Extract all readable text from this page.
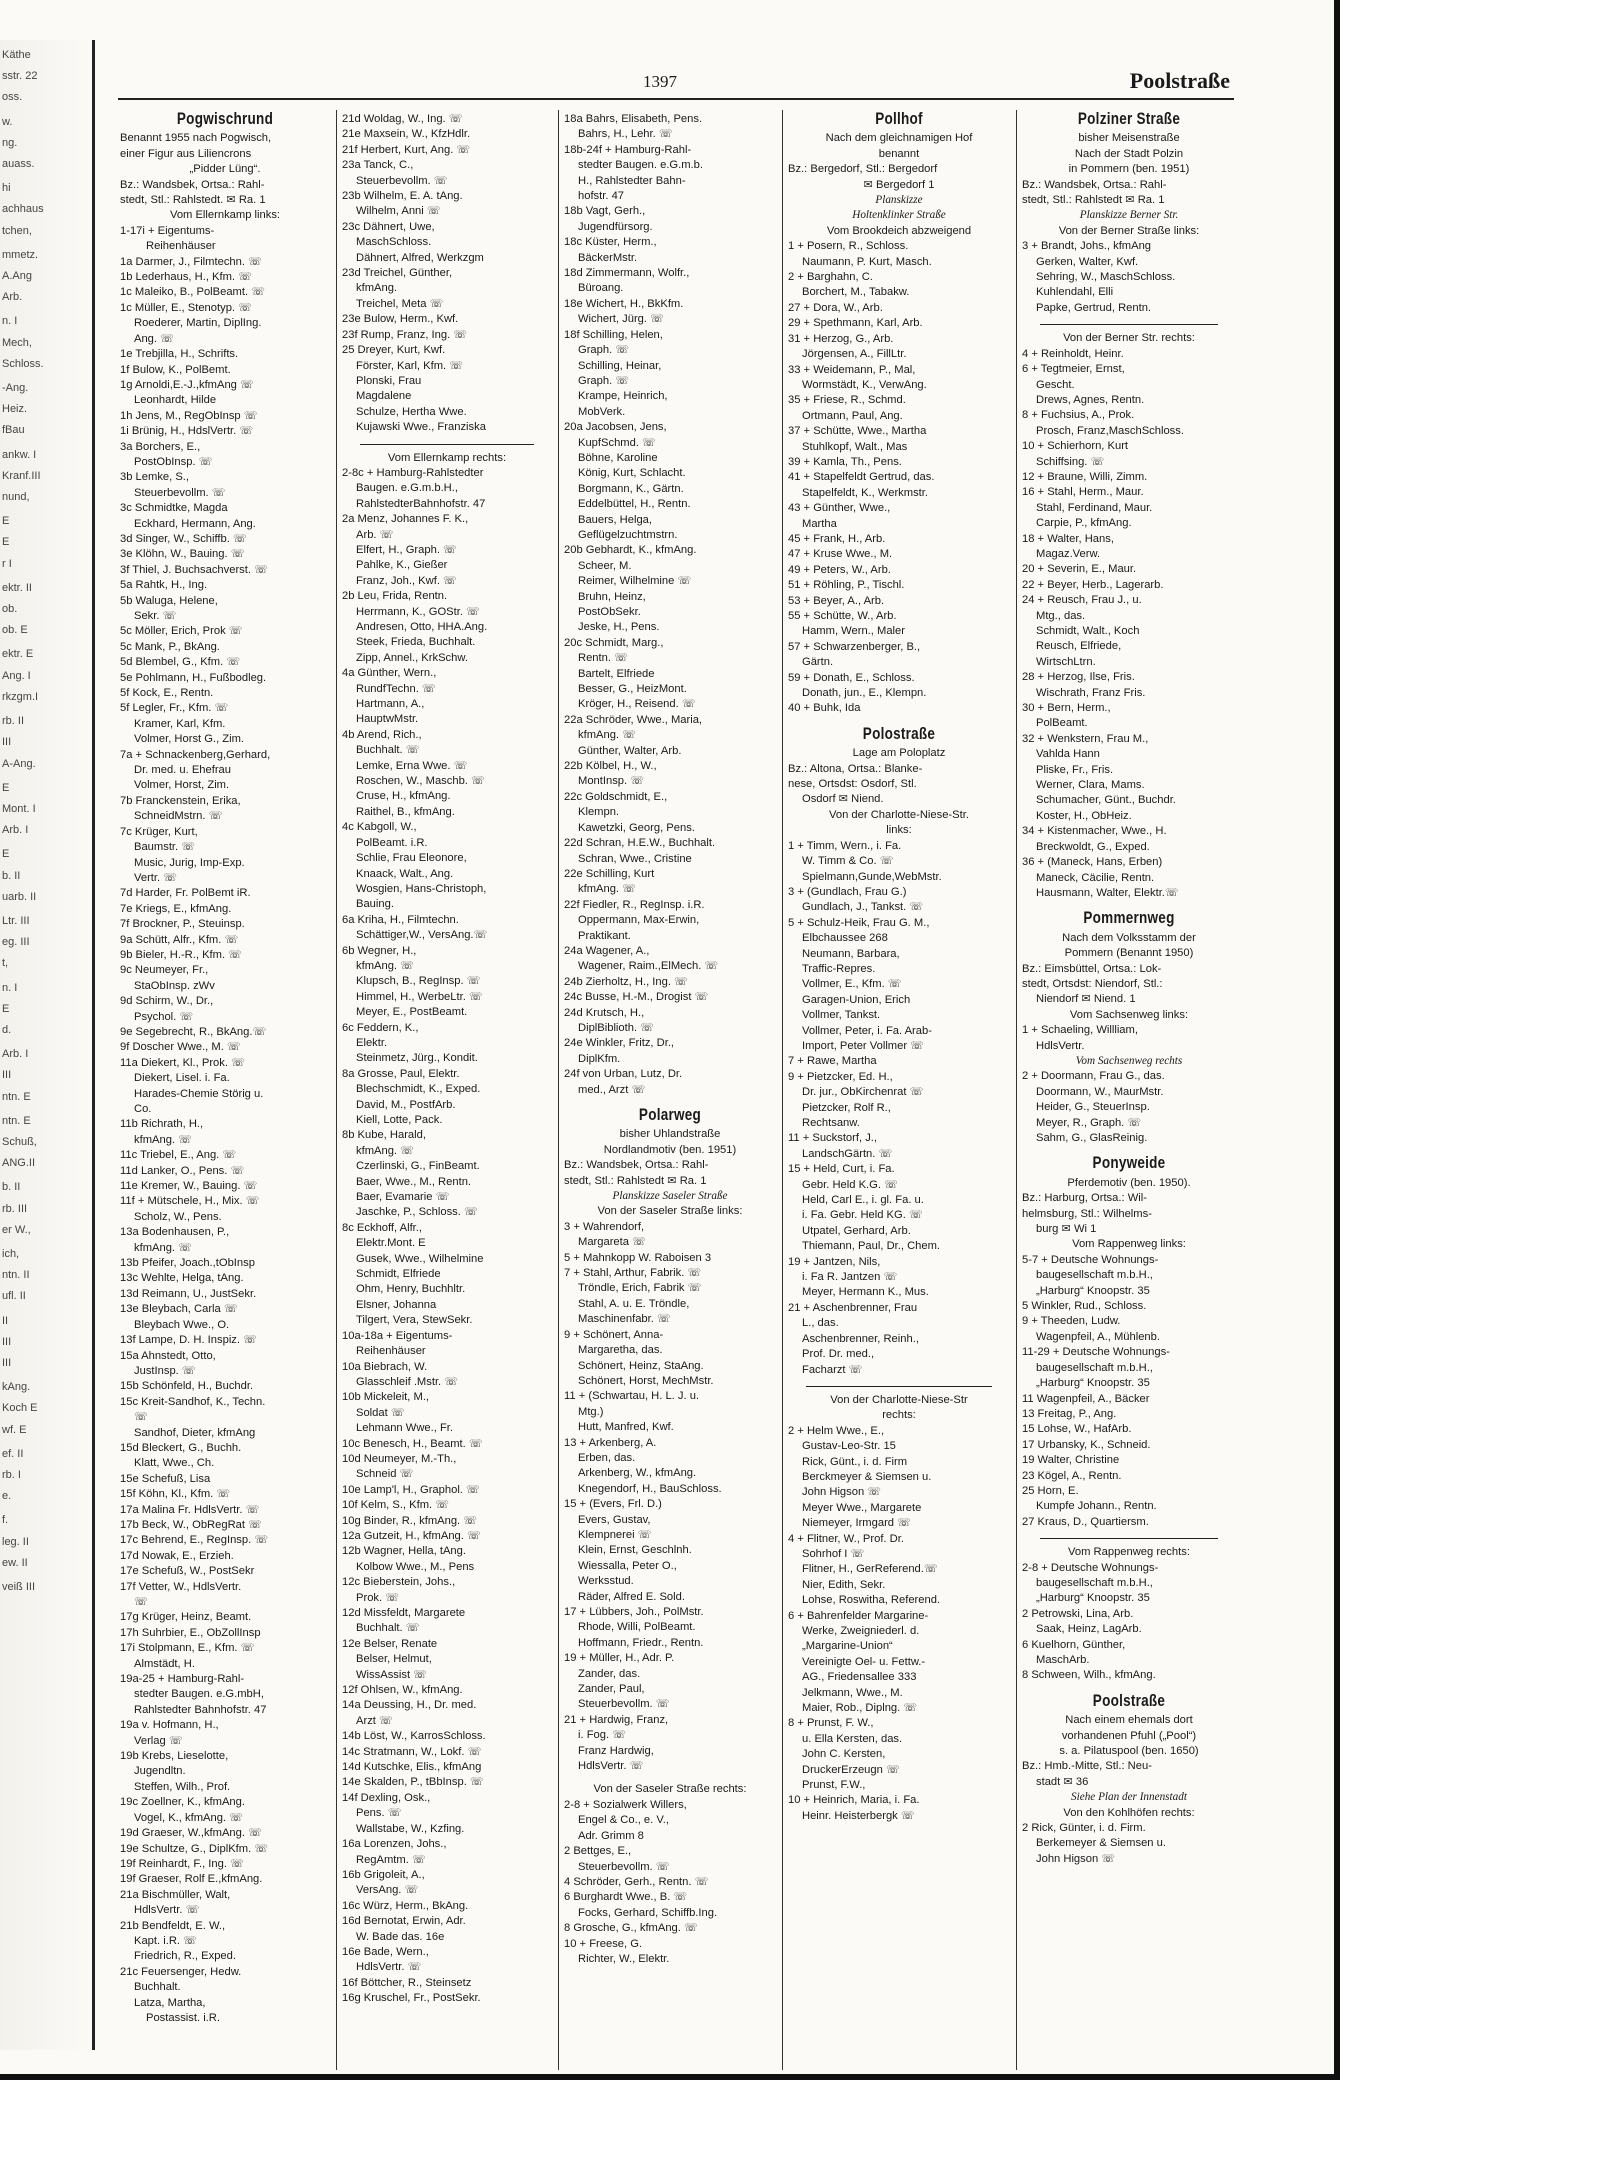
Käthe
sstr. 22
oss.
w.
ng.
auass.
hi
achhaus
tchen,
mmetz.
A.Ang
Arb.
n. I
Mech,
Schloss.
-Ang.
Heiz.
fBau
ankw. I
Kranf.III
nund,
E
E
r I
ektr. II
ob.
ob. E
ektr. E
Ang. I
rkzgm.I
rb. II
III
A-Ang.
E
Mont. I
Arb. I
E
b. II
uarb. II
Ltr. III
eg. III
t,
n. I
E
d.
Arb. I
III
ntn. E
ntn. E
Schuß,
ANG.II
b. II
rb. III
er W.,
ich,
ntn. II
ufl. II
II
III
III
kAng.
Koch E
wf. E
ef. II
rb. I
e.
f.
leg. II
ew. II
veiß III
1397	Poolstraße
Pogwischrund
Benannt 1955 nach Pogwisch,
einer Figur aus Liliencrons
„Pidder Lüng“.
Bz.: Wandsbek, Ortsa.: Rahl-
stedt, Stl.: Rahlstedt. ✉ Ra. 1
Vom Ellernkamp links:
1-17i + Eigentums-
Reihenhäuser
1a Darmer, J., Filmtechn. ☏
1b Lederhaus, H., Kfm. ☏
1c Maleiko, B., PolBeamt. ☏
1c Müller, E., Stenotyp. ☏
Roederer, Martin, DiplIng.
Ang. ☏
1e Trebjilla, H., Schrifts.
1f Bulow, K., PolBemt.
1g Arnoldi,E.-J.,kfmAng ☏
Leonhardt, Hilde
1h Jens, M., RegObInsp ☏
1i Brünig, H., HdslVertr. ☏
3a Borchers, E.,
PostObInsp. ☏
3b Lemke, S.,
Steuerbevollm. ☏
3c Schmidtke, Magda
Eckhard, Hermann, Ang.
3d Singer, W., Schiffb. ☏
3e Klöhn, W., Bauing. ☏
3f Thiel, J. Buchsachverst. ☏
5a Rahtk, H., Ing.
5b Waluga, Helene,
Sekr. ☏
5c Möller, Erich, Prok ☏
5c Mank, P., BkAng.
5d Blembel, G., Kfm. ☏
5e Pohlmann, H., Fußbodleg.
5f Kock, E., Rentn.
5f Legler, Fr., Kfm. ☏
Kramer, Karl, Kfm.
Volmer, Horst G., Zim.
7a + Schnackenberg,Gerhard,
Dr. med. u. Ehefrau
Volmer, Horst, Zim.
7b Franckenstein, Erika,
SchneidMstrn. ☏
7c Krüger, Kurt,
Baumstr. ☏
Music, Jurig, Imp-Exp.
Vertr. ☏
7d Harder, Fr. PolBemt iR.
7e Kriegs, E., kfmAng.
7f Brockner, P., Steuinsp.
9a Schütt, Alfr., Kfm. ☏
9b Bieler, H.-R., Kfm. ☏
9c Neumeyer, Fr.,
StaObInsp. zWv
9d Schirm, W., Dr.,
Psychol. ☏
9e Segebrecht, R., BkAng.☏
9f Doscher Wwe., M. ☏
11a Diekert, Kl., Prok. ☏
Diekert, Lisel. i. Fa.
Harades-Chemie Störig u.
Co.
11b Richrath, H.,
kfmAng. ☏
11c Triebel, E., Ang. ☏
11d Lanker, O., Pens. ☏
11e Kremer, W., Bauing. ☏
11f + Mütschele, H., Mix. ☏
Scholz, W., Pens.
13a Bodenhausen, P.,
kfmAng. ☏
13b Pfeifer, Joach.,tObInsp
13c Wehlte, Helga, tAng.
13d Reimann, U., JustSekr.
13e Bleybach, Carla ☏
Bleybach Wwe., O.
13f Lampe, D. H. Inspiz. ☏
15a Ahnstedt, Otto,
JustInsp. ☏
15b Schönfeld, H., Buchdr.
15c Kreit-Sandhof, K., Techn.
☏
Sandhof, Dieter, kfmAng
15d Bleckert, G., Buchh.
Klatt, Wwe., Ch.
15e Schefuß, Lisa
15f Köhn, Kl., Kfm. ☏
17a Malina Fr. HdlsVertr. ☏
17b Beck, W., ObRegRat ☏
17c Behrend, E., RegInsp. ☏
17d Nowak, E., Erzieh.
17e Schefuß, W., PostSekr
17f Vetter, W., HdlsVertr.
☏
17g Krüger, Heinz, Beamt.
17h Suhrbier, E., ObZollInsp
17i Stolpmann, E., Kfm. ☏
Almstädt, H.
19a-25 + Hamburg-Rahl-
stedter Baugen. e.G.mbH,
Rahlstedter Bahnhofstr. 47
19a v. Hofmann, H.,
Verlag ☏
19b Krebs, Lieselotte,
Jugendltn.
Steffen, Wilh., Prof.
19c Zoellner, K., kfmAng.
Vogel, K., kfmAng. ☏
19d Graeser, W.,kfmAng. ☏
19e Schultze, G., DiplKfm. ☏
19f Reinhardt, F., Ing. ☏
19f Graeser, Rolf E.,kfmAng.
21a Bischmüller, Walt,
HdlsVertr. ☏
21b Bendfeldt, E. W.,
Kapt. i.R. ☏
Friedrich, R., Exped.
21c Feuersenger, Hedw.
Buchhalt.
Latza, Martha,
Postassist. i.R.
21d Woldag, W., Ing. ☏
21e Maxsein, W., KfzHdlr.
21f Herbert, Kurt, Ang. ☏
23a Tanck, C.,
Steuerbevollm. ☏
23b Wilhelm, E. A. tAng.
Wilhelm, Anni ☏
23c Dähnert, Uwe,
MaschSchloss.
Dähnert, Alfred, Werkzgm
23d Treichel, Günther,
kfmAng.
Treichel, Meta ☏
23e Bulow, Herm., Kwf.
23f Rump, Franz, Ing. ☏
25 Dreyer, Kurt, Kwf.
Förster, Karl, Kfm. ☏
Plonski, Frau
Magdalene
Schulze, Hertha Wwe.
Kujawski Wwe., Franziska
Vom Ellernkamp rechts:
2-8c + Hamburg-Rahlstedter
Baugen. e.G.m.b.H.,
RahlstedterBahnhofstr. 47
2a Menz, Johannes F. K.,
Arb. ☏
Elfert, H., Graph. ☏
Pahlke, K., Gießer
Franz, Joh., Kwf. ☏
2b Leu, Frida, Rentn.
Herrmann, K., GOStr. ☏
Andresen, Otto, HHA.Ang.
Steek, Frieda, Buchhalt.
Zipp, Annel., KrkSchw.
4a Günther, Wern.,
RundfTechn. ☏
Hartmann, A.,
HauptwMstr.
4b Arend, Rich.,
Buchhalt. ☏
Lemke, Erna Wwe. ☏
Roschen, W., Maschb. ☏
Cruse, H., kfmAng.
Raithel, B., kfmAng.
4c Kabgoll, W.,
PolBeamt. i.R.
Schlie, Frau Eleonore,
Knaack, Walt., Ang.
Wosgien, Hans-Christoph,
Bauing.
6a Kriha, H., Filmtechn.
Schättiger,W., VersAng.☏
6b Wegner, H.,
kfmAng. ☏
Klupsch, B., RegInsp. ☏
Himmel, H., WerbeLtr. ☏
Meyer, E., PostBeamt.
6c Feddern, K.,
Elektr.
Steinmetz, Jürg., Kondit.
8a Grosse, Paul, Elektr.
Blechschmidt, K., Exped.
David, M., PostfArb.
Kiell, Lotte, Pack.
8b Kube, Harald,
kfmAng. ☏
Czerlinski, G., FinBeamt.
Baer, Wwe., M., Rentn.
Baer, Evamarie ☏
Jaschke, P., Schloss. ☏
8c Eckhoff, Alfr.,
Elektr.Mont. E
Gusek, Wwe., Wilhelmine
Schmidt, Elfriede
Ohm, Henry, Buchhltr.
Elsner, Johanna
Tilgert, Vera, StewSekr.
10a-18a + Eigentums-
Reihenhäuser
10a Biebrach, W.
Glasschleif .Mstr. ☏
10b Mickeleit, M.,
Soldat ☏
Lehmann Wwe., Fr.
10c Benesch, H., Beamt. ☏
10d Neumeyer, M.-Th.,
Schneid ☏
10e Lamp'l, H., Graphol. ☏
10f Kelm, S., Kfm. ☏
10g Binder, R., kfmAng. ☏
12a Gutzeit, H., kfmAng. ☏
12b Wagner, Hella, tAng.
Kolbow Wwe., M., Pens
12c Bieberstein, Johs.,
Prok. ☏
12d Missfeldt, Margarete
Buchhalt. ☏
12e Belser, Renate
Belser, Helmut,
WissAssist ☏
12f Ohlsen, W., kfmAng.
14a Deussing, H., Dr. med.
Arzt ☏
14b Löst, W., KarrosSchloss.
14c Stratmann, W., Lokf. ☏
14d Kutschke, Elis., kfmAng
14e Skalden, P., tBbInsp. ☏
14f Dexling, Osk.,
Pens. ☏
Wallstabe, W., Kzfing.
16a Lorenzen, Johs.,
RegAmtm. ☏
16b Grigoleit, A.,
VersAng. ☏
16c Würz, Herm., BkAng.
16d Bernotat, Erwin, Adr.
W. Bade das. 16e
16e Bade, Wern.,
HdlsVertr. ☏
16f Böttcher, R., Steinsetz
16g Kruschel, Fr., PostSekr.
18a Bahrs, Elisabeth, Pens.
Bahrs, H., Lehr. ☏
18b-24f + Hamburg-Rahl-
stedter Baugen. e.G.m.b.
H., Rahlstedter Bahn-
hofstr. 47
18b Vagt, Gerh.,
Jugendfürsorg.
18c Küster, Herm.,
BäckerMstr.
18d Zimmermann, Wolfr.,
Büroang.
18e Wichert, H., BkKfm.
Wichert, Jürg. ☏
18f Schilling, Helen,
Graph. ☏
Schilling, Heinar,
Graph. ☏
Krampe, Heinrich,
MobVerk.
20a Jacobsen, Jens,
KupfSchmd. ☏
Böhne, Karoline
König, Kurt, Schlacht.
Borgmann, K., Gärtn.
Eddelbüttel, H., Rentn.
Bauers, Helga,
Geflügelzuchtmstrn.
20b Gebhardt, K., kfmAng.
Scheer, M.
Reimer, Wilhelmine ☏
Bruhn, Heinz,
PostObSekr.
Jeske, H., Pens.
20c Schmidt, Marg.,
Rentn. ☏
Bartelt, Elfriede
Besser, G., HeizMont.
Kröger, H., Reisend. ☏
22a Schröder, Wwe., Maria,
kfmAng. ☏
Günther, Walter, Arb.
22b Kölbel, H., W.,
MontInsp. ☏
22c Goldschmidt, E.,
Klempn.
Kawetzki, Georg, Pens.
22d Schran, H.E.W., Buchhalt.
Schran, Wwe., Cristine
22e Schilling, Kurt
kfmAng. ☏
22f Fiedler, R., RegInsp. i.R.
Oppermann, Max-Erwin,
Praktikant.
24a Wagener, A.,
Wagener, Raim.,ElMech. ☏
24b Zierholtz, H., Ing. ☏
24c Busse, H.-M., Drogist ☏
24d Krutsch, H.,
DiplBiblioth. ☏
24e Winkler, Fritz, Dr.,
DiplKfm.
24f von Urban, Lutz, Dr.
med., Arzt ☏
Polarweg
bisher Uhlandstraße
Nordlandmotiv (ben. 1951)
Bz.: Wandsbek, Ortsa.: Rahl-
stedt, Stl.: Rahlstedt ✉ Ra. 1
Planskizze Saseler Straße
Von der Saseler Straße links:
3 + Wahrendorf,
Margareta ☏
5 + Mahnkopp W. Raboisen 3
7 + Stahl, Arthur, Fabrik. ☏
Tröndle, Erich, Fabrik ☏
Stahl, A. u. E. Tröndle,
Maschinenfabr. ☏
9 + Schönert, Anna-
Margaretha, das.
Schönert, Heinz, StaAng.
Schönert, Horst, MechMstr.
11 + (Schwartau, H. L. J. u.
Mtg.)
Hutt, Manfred, Kwf.
13 + Arkenberg, A.
Erben, das.
Arkenberg, W., kfmAng.
Knegendorf, H., BauSchloss.
15 + (Evers, Frl. D.)
Evers, Gustav,
Klempnerei ☏
Klein, Ernst, Geschlnh.
Wiessalla, Peter O.,
Werksstud.
Räder, Alfred E. Sold.
17 + Lübbers, Joh., PolMstr.
Rhode, Willi, PolBeamt.
Hoffmann, Friedr., Rentn.
19 + Müller, H., Adr. P.
Zander, das.
Zander, Paul,
Steuerbevollm. ☏
21 + Hardwig, Franz,
i. Fog. ☏
Franz Hardwig,
HdlsVertr. ☏
Von der Saseler Straße rechts:
2-8 + Sozialwerk Willers,
Engel & Co., e. V.,
Adr. Grimm 8
2 Bettges, E.,
Steuerbevollm. ☏
4 Schröder, Gerh., Rentn. ☏
6 Burghardt Wwe., B. ☏
Focks, Gerhard, Schiffb.Ing.
8 Grosche, G., kfmAng. ☏
10 + Freese, G.
Richter, W., Elektr.
Pollhof
Nach dem gleichnamigen Hof
benannt
Bz.: Bergedorf, Stl.: Bergedorf
✉ Bergedorf 1
Planskizze
Holtenklinker Straße
Vom Brookdeich abzweigend
1 + Posern, R., Schloss.
Naumann, P. Kurt, Masch.
2 + Barghahn, C.
Borchert, M., Tabakw.
27 + Dora, W., Arb.
29 + Spethmann, Karl, Arb.
31 + Herzog, G., Arb.
Jörgensen, A., FillLtr.
33 + Weidemann, P., Mal,
Wormstädt, K., VerwAng.
35 + Friese, R., Schmd.
Ortmann, Paul, Ang.
37 + Schütte, Wwe., Martha
Stuhlkopf, Walt., Mas
39 + Kamla, Th., Pens.
41 + Stapelfeldt Gertrud, das.
Stapelfeldt, K., Werkmstr.
43 + Günther, Wwe.,
Martha
45 + Frank, H., Arb.
47 + Kruse Wwe., M.
49 + Peters, W., Arb.
51 + Röhling, P., Tischl.
53 + Beyer, A., Arb.
55 + Schütte, W., Arb.
Hamm, Wern., Maler
57 + Schwarzenberger, B.,
Gärtn.
59 + Donath, E., Schloss.
Donath, jun., E., Klempn.
40 + Buhk, Ida
Polostraße
Lage am Poloplatz
Bz.: Altona, Ortsa.: Blanke-
nese, Ortsdst: Osdorf, Stl.
Osdorf ✉ Niend.
Von der Charlotte-Niese-Str.
links:
1 + Timm, Wern., i. Fa.
W. Timm & Co. ☏
Spielmann,Gunde,WebMstr.
3 + (Gundlach, Frau G.)
Gundlach, J., Tankst. ☏
5 + Schulz-Heik, Frau G. M.,
Elbchaussee 268
Neumann, Barbara,
Traffic-Repres.
Vollmer, E., Kfm. ☏
Garagen-Union, Erich
Vollmer, Tankst.
Vollmer, Peter, i. Fa. Arab-
Import, Peter Vollmer ☏
7 + Rawe, Martha
9 + Pietzcker, Ed. H.,
Dr. jur., ObKirchenrat ☏
Pietzcker, Rolf R.,
Rechtsanw.
11 + Suckstorf, J.,
LandschGärtn. ☏
15 + Held, Curt, i. Fa.
Gebr. Held K.G. ☏
Held, Carl E., i. gl. Fa. u.
i. Fa. Gebr. Held KG. ☏
Utpatel, Gerhard, Arb.
Thiemann, Paul, Dr., Chem.
19 + Jantzen, Nils,
i. Fa R. Jantzen ☏
Meyer, Hermann K., Mus.
21 + Aschenbrenner, Frau
L., das.
Aschenbrenner, Reinh.,
Prof. Dr. med.,
Facharzt ☏
Von der Charlotte-Niese-Str
rechts:
2 + Helm Wwe., E.,
Gustav-Leo-Str. 15
Rick, Günt., i. d. Firm
Berckmeyer & Siemsen u.
John Higson ☏
Meyer Wwe., Margarete
Niemeyer, Irmgard ☏
4 + Flitner, W., Prof. Dr.
Sohrhof I ☏
Flitner, H., GerReferend.☏
Nier, Edith, Sekr.
Lohse, Roswitha, Referend.
6 + Bahrenfelder Margarine-
Werke, Zweigniederl. d.
„Margarine-Union“
Vereinigte Oel- u. Fettw.-
AG., Friedensallee 333
Jelkmann, Wwe., M.
Maier, Rob., Diplng. ☏
8 + Prunst, F. W.,
u. Ella Kersten, das.
John C. Kersten,
DruckerErzeugn ☏
Prunst, F.W.,
10 + Heinrich, Maria, i. Fa.
Heinr. Heisterbergk ☏
Polziner Straße
bisher Meisenstraße
Nach der Stadt Polzin
in Pommern (ben. 1951)
Bz.: Wandsbek, Ortsa.: Rahl-
stedt, Stl.: Rahlstedt ✉ Ra. 1
Planskizze Berner Str.
Von der Berner Straße links:
3 + Brandt, Johs., kfmAng
Gerken, Walter, Kwf.
Sehring, W., MaschSchloss.
Kuhlendahl, Elli
Papke, Gertrud, Rentn.
Von der Berner Str. rechts:
4 + Reinholdt, Heinr.
6 + Tegtmeier, Ernst,
Gescht.
Drews, Agnes, Rentn.
8 + Fuchsius, A., Prok.
Prosch, Franz,MaschSchloss.
10 + Schierhorn, Kurt
Schiffsing. ☏
12 + Braune, Willi, Zimm.
16 + Stahl, Herm., Maur.
Stahl, Ferdinand, Maur.
Carpie, P., kfmAng.
18 + Walter, Hans,
Magaz.Verw.
20 + Severin, E., Maur.
22 + Beyer, Herb., Lagerarb.
24 + Reusch, Frau J., u.
Mtg., das.
Schmidt, Walt., Koch
Reusch, Elfriede,
WirtschLtrn.
28 + Herzog, Ilse, Fris.
Wischrath, Franz Fris.
30 + Bern, Herm.,
PolBeamt.
32 + Wenkstern, Frau M.,
Vahlda Hann
Pliske, Fr., Fris.
Werner, Clara, Mams.
Schumacher, Günt., Buchdr.
Koster, H., ObHeiz.
34 + Kistenmacher, Wwe., H.
Breckwoldt, G., Exped.
36 + (Maneck, Hans, Erben)
Maneck, Cäcilie, Rentn.
Hausmann, Walter, Elektr.☏
Pommernweg
Nach dem Volksstamm der
Pommern (Benannt 1950)
Bz.: Eimsbüttel, Ortsa.: Lok-
stedt, Ortsdst: Niendorf, Stl.:
Niendorf ✉ Niend. 1
Vom Sachsenweg links:
1 + Schaeling, Willliam,
HdlsVertr.
Vom Sachsenweg rechts
2 + Doormann, Frau G., das.
Doormann, W., MaurMstr.
Heider, G., SteuerInsp.
Meyer, R., Graph. ☏
Sahm, G., GlasReinig.
Ponyweide
Pferdemotiv (ben. 1950).
Bz.: Harburg, Ortsa.: Wil-
helmsburg, Stl.: Wilhelms-
burg ✉ Wi 1
Vom Rappenweg links:
5-7 + Deutsche Wohnungs-
baugesellschaft m.b.H.,
„Harburg“ Knoopstr. 35
5 Winkler, Rud., Schloss.
9 + Theeden, Ludw.
Wagenpfeil, A., Mühlenb.
11-29 + Deutsche Wohnungs-
baugesellschaft m.b.H.,
„Harburg“ Knoopstr. 35
11 Wagenpfeil, A., Bäcker
13 Freitag, P., Ang.
15 Lohse, W., HafArb.
17 Urbansky, K., Schneid.
19 Walter, Christine
23 Kögel, A., Rentn.
25 Horn, E.
Kumpfe Johann., Rentn.
27 Kraus, D., Quartiersm.
Vom Rappenweg rechts:
2-8 + Deutsche Wohnungs-
baugesellschaft m.b.H.,
„Harburg“ Knoopstr. 35
2 Petrowski, Lina, Arb.
Saak, Heinz, LagArb.
6 Kuelhorn, Günther,
MaschArb.
8 Schween, Wilh., kfmAng.
Poolstraße
Nach einem ehemals dort
vorhandenen Pfuhl („Pool“)
s. a. Pilatuspool (ben. 1650)
Bz.: Hmb.-Mitte, Stl.: Neu-
stadt ✉ 36
Siehe Plan der Innenstadt
Von den Kohlhöfen rechts:
2 Rick, Günter, i. d. Firm.
Berkemeyer & Siemsen u.
John Higson ☏
